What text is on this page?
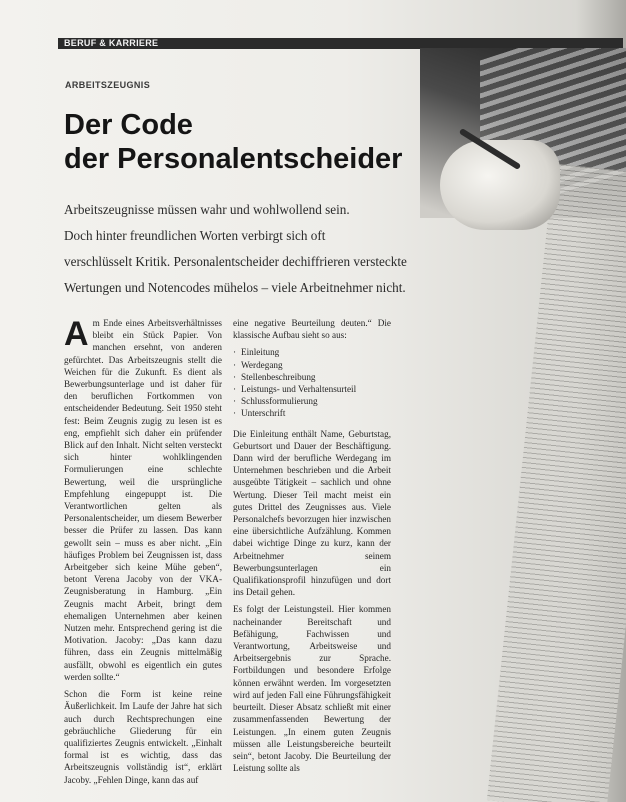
BERUF & KARRIERE
ARBEITSZEUGNIS
Der Code
der Personalentscheider
Arbeitszeugnisse müssen wahr und wohlwollend sein.
Doch hinter freundlichen Worten verbirgt sich oft
verschlüsselt Kritik. Personalentscheider dechiffrieren versteckte
Wertungen und Notencodes mühelos – viele Arbeitnehmer nicht.

A m Ende eines Arbeitsverhältnisses bleibt ein Stück Papier. Von manchen ersehnt, von anderen gefürchtet. Das Arbeitszeugnis stellt die Weichen für die Zukunft. Es dient als Bewerbungsunterlage und ist daher für den beruflichen Fortkommen von entscheidender Bedeutung. Seit 1950 steht fest: Beim Zeugnis zugig zu lesen ist es eng, empfiehlt sich daher ein prüfender Blick auf den Inhalt. Nicht selten versteckt sich hinter wohlklingenden Formulierungen eine schlechte Bewertung, weil die ursprüngliche Empfehlung eingepuppt ist. Die Verantwortlichen gelten als Personalentscheider, um diesem Bewerber besser die Prüfer zu lassen. Das kann gewollt sein – muss es aber nicht. „Ein häufiges Problem bei Zeugnissen ist, dass Arbeitgeber sich keine Mühe geben“, betont Verena Jacoby von der VKA-Zeugnisberatung in Hamburg. „Ein Zeugnis macht Arbeit, bringt dem ehemaligen Unternehmen aber keinen Nutzen mehr. Entsprechend gering ist die Motivation. Jacoby: „Das kann dazu führen, dass ein Zeugnis mittelmäßig ausfällt, obwohl es eigentlich ein gutes werden sollte.“

Schon die Form ist keine reine Äußerlichkeit. Im Laufe der Jahre hat sich auch durch Rechtsprechungen eine gebräuchliche Gliederung für ein qualifiziertes Zeugnis entwickelt. „Einhalt formal ist es wichtig, dass das Arbeitszeugnis vollständig ist“, erklärt Jacoby. „Fehlen Dinge, kann das auf

eine negative Beurteilung deuten.“ Die klassische Aufbau sieht so aus:

· Einleitung
· Werdegang
· Stellenbeschreibung
· Leistungs- und Verhaltensurteil
· Schlussformulierung
· Unterschrift

Die Einleitung enthält Name, Geburtstag, Geburtsort und Dauer der Beschäftigung. Dann wird der berufliche Werdegang im Unternehmen beschrieben und die Arbeit ausgeübte Tätigkeit – sachlich und ohne Wertung. Dieser Teil macht meist ein gutes Drittel des Zeugnisses aus. Viele Personalchefs bevorzugen hier inzwischen eine übersichtliche Aufzählung. Kommen dabei wichtige Dinge zu kurz, kann der Arbeitnehmer seinem Bewerbungsunterlagen ein Qualifikationsprofil hinzufügen und dort ins Detail gehen.

Es folgt der Leistungsteil. Hier kommen nacheinander Bereitschaft und Befähigung, Fachwissen und Verantwortung, Arbeitsweise und Arbeitsergebnis zur Sprache. Fortbildungen und besondere Erfolge können erwähnt werden. Im vorgesetzten wird auf jeden Fall eine Führungsfähigkeit beurteilt. Dieser Absatz schließt mit einer zusammenfassenden Bewertung der Leistungen. „In einem guten Zeugnis müssen alle Leistungsbereiche beurteilt sein“, betont Jacoby. Die Beurteilung der Leistung sollte als
